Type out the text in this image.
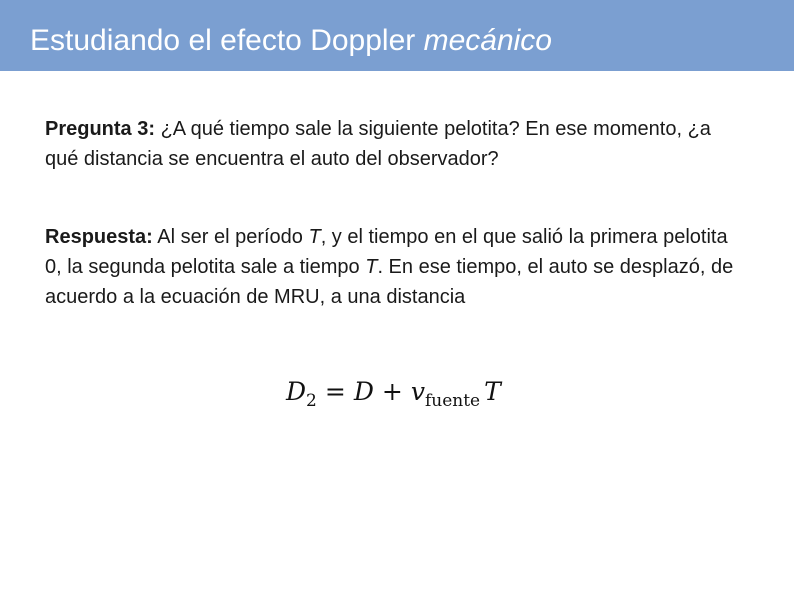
Estudiando el efecto Doppler mecánico
Pregunta 3: ¿A qué tiempo sale la siguiente pelotita? En ese momento, ¿a qué distancia se encuentra el auto del observador?
Respuesta: Al ser el período T, y el tiempo en el que salió la primera pelotita 0, la segunda pelotita sale a tiempo T. En ese tiempo, el auto se desplazó, de acuerdo a la ecuación de MRU, a una distancia
$D_2 = D + v_{fuente}$ T
